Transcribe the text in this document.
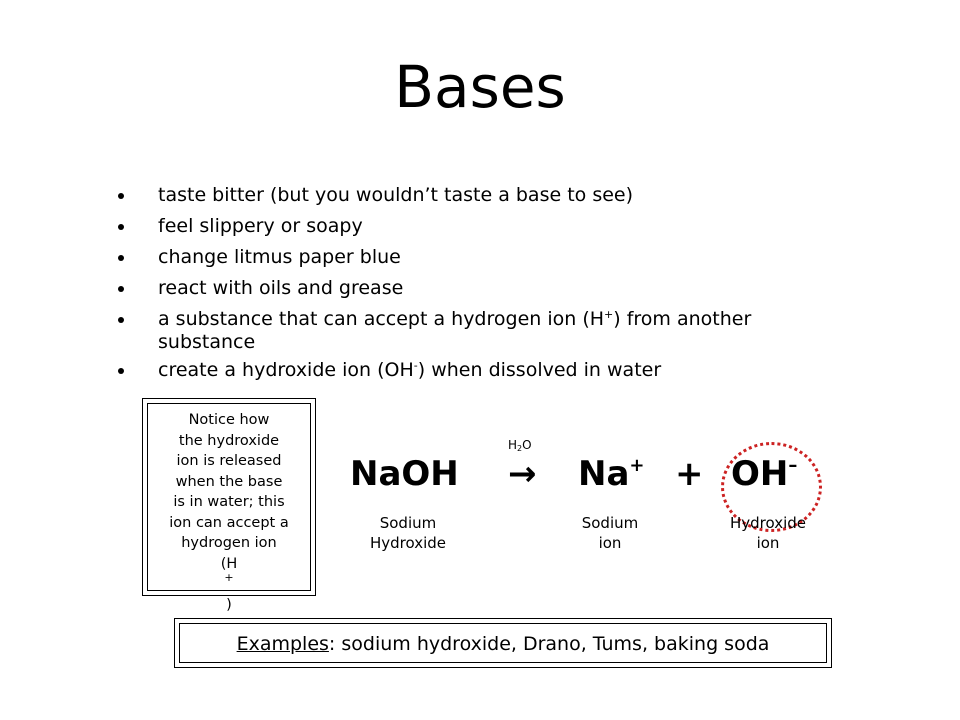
Bases
taste bitter (but you wouldn’t taste a base to see)
feel slippery or soapy
change litmus paper blue
react with oils and grease
a substance that can accept a hydrogen ion (H+) from another
substance
create a hydroxide ion (OH-) when dissolved in water
Notice how
the hydroxide
ion is released
when the base
is in water; this
ion can accept a
hydrogen ion
(H
+
)
NaOH →
$H_2O$
Na+ + OH–
Sodium
Hydroxide
Sodium
ion
Hydroxide
ion
Examples: sodium hydroxide, Drano, Tums, baking soda
